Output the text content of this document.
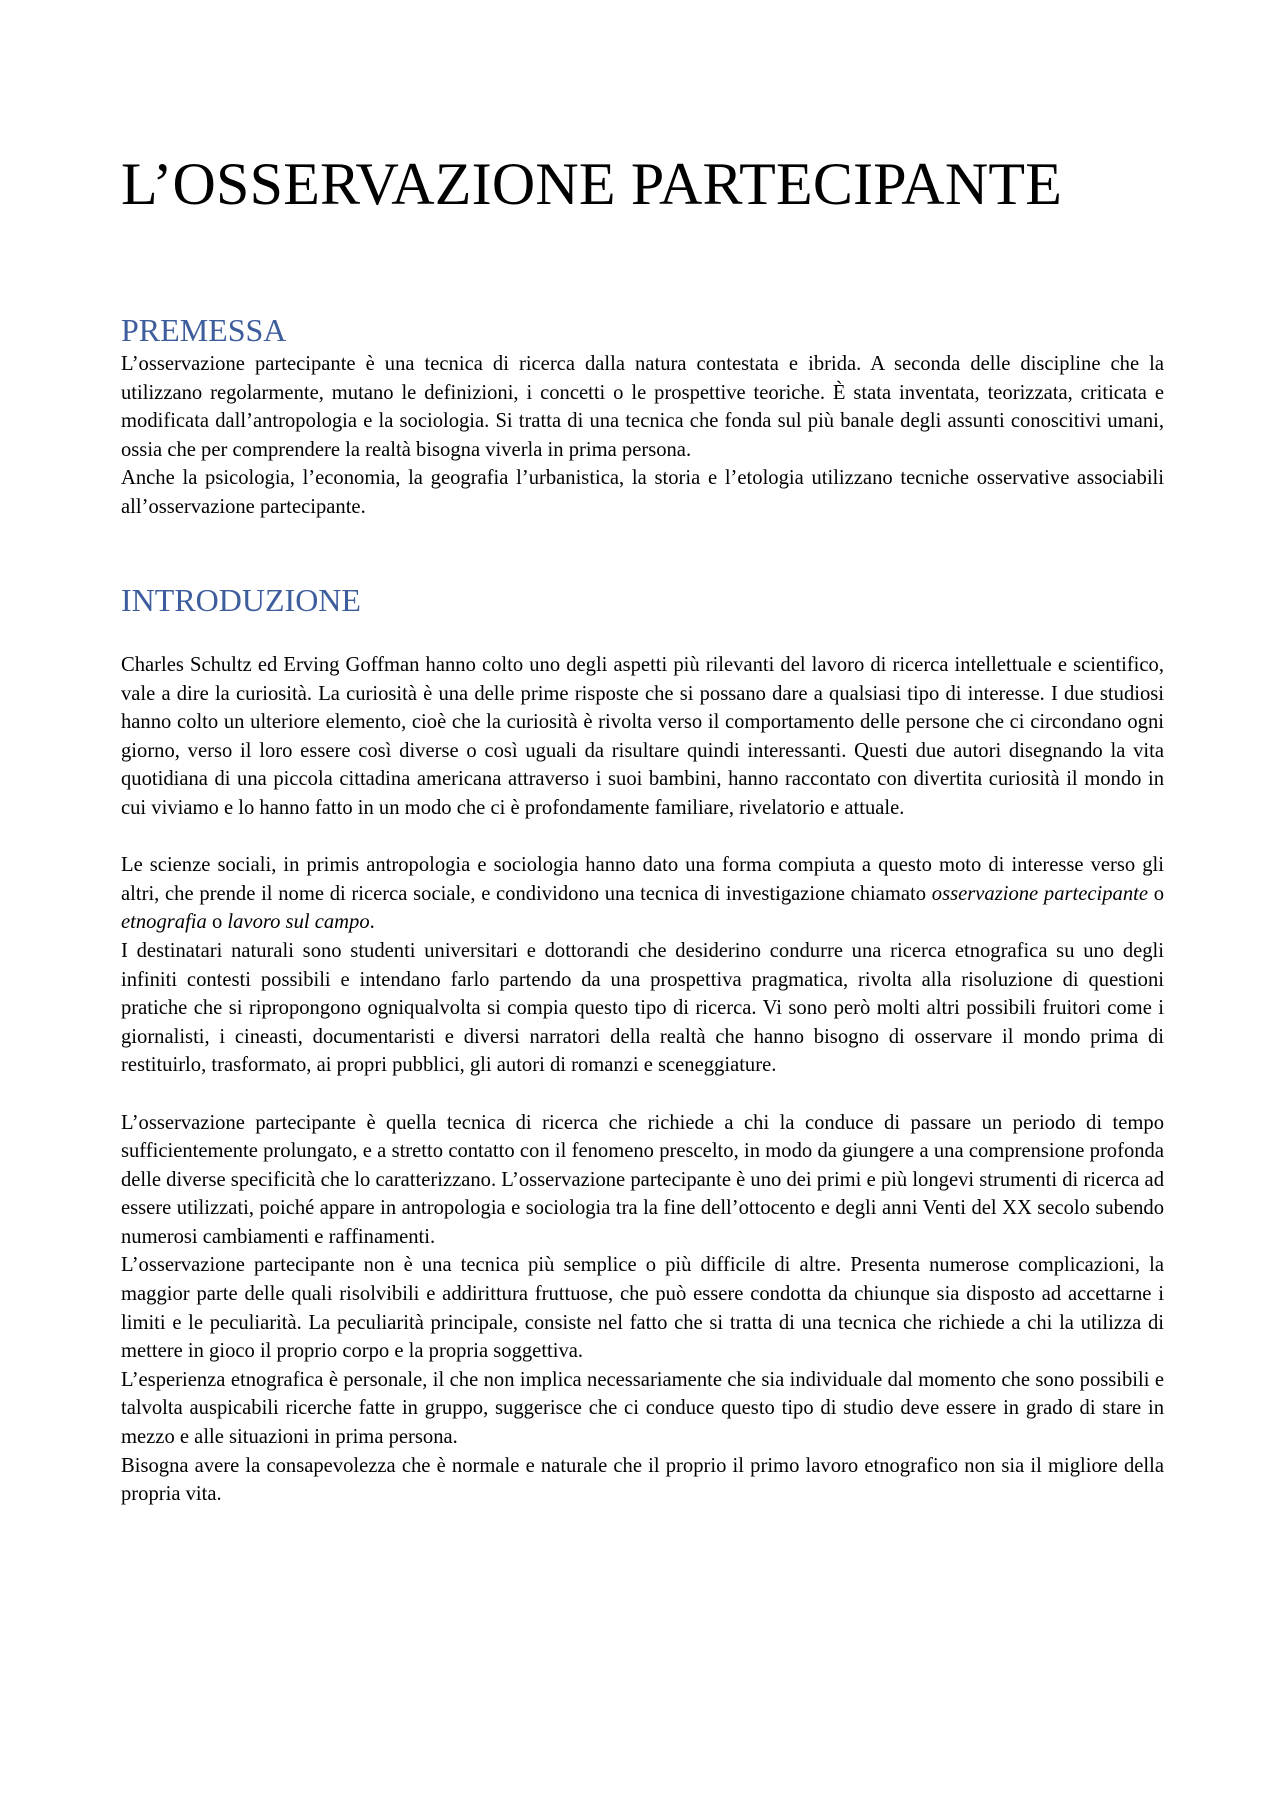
L’OSSERVAZIONE PARTECIPANTE
PREMESSA

L’osservazione partecipante è una tecnica di ricerca dalla natura contestata e ibrida. A seconda delle discipline che la utilizzano regolarmente, mutano le definizioni, i concetti o le prospettive teoriche. È stata inventata, teorizzata, criticata e modificata dall’antropologia e la sociologia. Si tratta di una tecnica che fonda sul più banale degli assunti conoscitivi umani, ossia che per comprendere la realtà bisogna viverla in prima persona.

Anche la psicologia, l’economia, la geografia l’urbanistica, la storia e l’etologia utilizzano tecniche osservative associabili all’osservazione partecipante.

INTRODUZIONE

Charles Schultz ed Erving Goffman hanno colto uno degli aspetti più rilevanti del lavoro di ricerca intellettuale e scientifico, vale a dire la curiosità. La curiosità è una delle prime risposte che si possano dare a qualsiasi tipo di interesse. I due studiosi hanno colto un ulteriore elemento, cioè che la curiosità è rivolta verso il comportamento delle persone che ci circondano ogni giorno, verso il loro essere così diverse o così uguali da risultare quindi interessanti. Questi due autori disegnando la vita quotidiana di una piccola cittadina americana attraverso i suoi bambini, hanno raccontato con divertita curiosità il mondo in cui viviamo e lo hanno fatto in un modo che ci è profondamente familiare, rivelatorio e attuale.

Le scienze sociali, in primis antropologia e sociologia hanno dato una forma compiuta a questo moto di interesse verso gli altri, che prende il nome di ricerca sociale, e condividono una tecnica di investigazione chiamato osservazione partecipante o etnografia o lavoro sul campo.

I destinatari naturali sono studenti universitari e dottorandi che desiderino condurre una ricerca etnografica su uno degli infiniti contesti possibili e intendano farlo partendo da una prospettiva pragmatica, rivolta alla risoluzione di questioni pratiche che si ripropongono ogniqualvolta si compia questo tipo di ricerca. Vi sono però molti altri possibili fruitori come i giornalisti, i cineasti, documentaristi e diversi narratori della realtà che hanno bisogno di osservare il mondo prima di restituirlo, trasformato, ai propri pubblici, gli autori di romanzi e sceneggiature.

L’osservazione partecipante è quella tecnica di ricerca che richiede a chi la conduce di passare un periodo di tempo sufficientemente prolungato, e a stretto contatto con il fenomeno prescelto, in modo da giungere a una comprensione profonda delle diverse specificità che lo caratterizzano. L’osservazione partecipante è uno dei primi e più longevi strumenti di ricerca ad essere utilizzati, poiché appare in antropologia e sociologia tra la fine dell’ottocento e degli anni Venti del XX secolo subendo numerosi cambiamenti e raffinamenti.

L’osservazione partecipante non è una tecnica più semplice o più difficile di altre. Presenta numerose complicazioni, la maggior parte delle quali risolvibili e addirittura fruttuose, che può essere condotta da chiunque sia disposto ad accettarne i limiti e le peculiarità. La peculiarità principale, consiste nel fatto che si tratta di una tecnica che richiede a chi la utilizza di mettere in gioco il proprio corpo e la propria soggettiva.

L’esperienza etnografica è personale, il che non implica necessariamente che sia individuale dal momento che sono possibili e talvolta auspicabili ricerche fatte in gruppo, suggerisce che ci conduce questo tipo di studio deve essere in grado di stare in mezzo e alle situazioni in prima persona.

Bisogna avere la consapevolezza che è normale e naturale che il proprio il primo lavoro etnografico non sia il migliore della propria vita.
